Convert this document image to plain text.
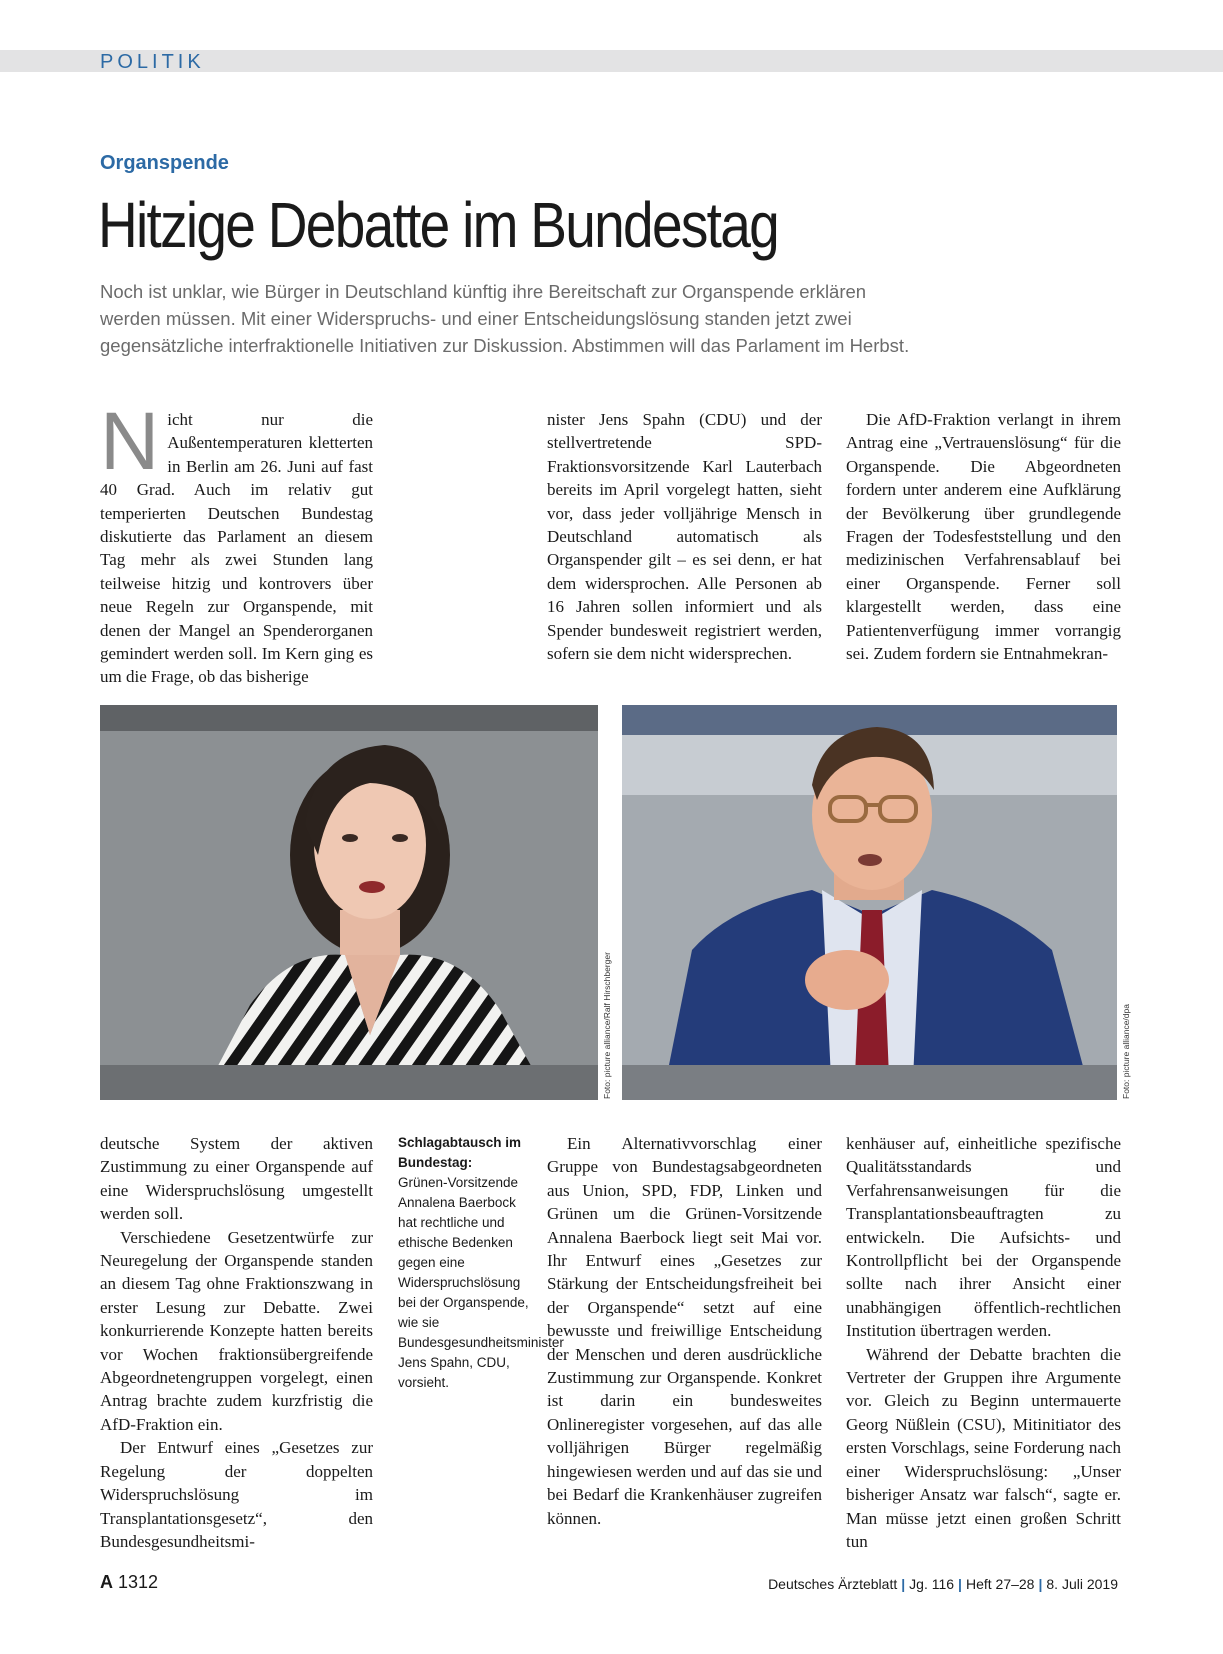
POLITIK
Organspende
Hitzige Debatte im Bundestag
Noch ist unklar, wie Bürger in Deutschland künftig ihre Bereitschaft zur Organspende erklären
werden müssen. Mit einer Widerspruchs- und einer Entscheidungslösung standen jetzt zwei
gegensätzliche interfraktionelle Initiativen zur Diskussion. Abstimmen will das Parlament im Herbst.

Nicht nur die Außentemperaturen kletterten in Berlin am 26. Juni auf fast 40 Grad. Auch im relativ gut temperierten Deutschen Bundestag diskutierte das Parlament an diesem Tag mehr als zwei Stunden lang teilweise hitzig und kontrovers über neue Regeln zur Organspende, mit denen der Mangel an Spenderorganen gemindert werden soll. Im Kern ging es um die Frage, ob das bisherige

nister Jens Spahn (CDU) und der stellvertretende SPD-Fraktionsvorsitzende Karl Lauterbach bereits im April vorgelegt hatten, sieht vor, dass jeder volljährige Mensch in Deutschland automatisch als Organspender gilt – es sei denn, er hat dem widersprochen. Alle Personen ab 16 Jahren sollen informiert und als Spender bundesweit registriert werden, sofern sie dem nicht widersprechen.

Die AfD-Fraktion verlangt in ihrem Antrag eine „Vertrauenslösung“ für die Organspende. Die Abgeordneten fordern unter anderem eine Aufklärung der Bevölkerung über grundlegende Fragen der Todesfeststellung und den medizinischen Verfahrensablauf bei einer Organspende. Ferner soll klargestellt werden, dass eine Patientenverfügung immer vorrangig sei. Zudem fordern sie Entnahmekran-

Foto: picture alliance/Ralf Hirschberger	Foto: picture alliance/dpa

deutsche System der aktiven Zustimmung zu einer Organspende auf eine Widerspruchslösung umgestellt werden soll.

Verschiedene Gesetzentwürfe zur Neuregelung der Organspende standen an diesem Tag ohne Fraktionszwang in erster Lesung zur Debatte. Zwei konkurrierende Konzepte hatten bereits vor Wochen fraktionsübergreifende Abgeordnetengruppen vorgelegt, einen Antrag brachte zudem kurzfristig die AfD-Fraktion ein.

Der Entwurf eines „Gesetzes zur Regelung der doppelten Widerspruchslösung im Transplantationsgesetz“, den Bundesgesundheitsmi-

Schlagabtausch im Bundestag:
Grünen-Vorsitzende Annalena Baerbock hat rechtliche und ethische Bedenken gegen eine Widerspruchslösung bei der Organspende, wie sie Bundesgesundheitsminister Jens Spahn, CDU, vorsieht.

Ein Alternativvorschlag einer Gruppe von Bundestagsabgeordneten aus Union, SPD, FDP, Linken und Grünen um die Grünen-Vorsitzende Annalena Baerbock liegt seit Mai vor. Ihr Entwurf eines „Gesetzes zur Stärkung der Entscheidungsfreiheit bei der Organspende“ setzt auf eine bewusste und freiwillige Entscheidung der Menschen und deren ausdrückliche Zustimmung zur Organspende. Konkret ist darin ein bundesweites Onlineregister vorgesehen, auf das alle volljährigen Bürger regelmäßig hingewiesen werden und auf das sie und bei Bedarf die Krankenhäuser zugreifen können.

kenhäuser auf, einheitliche spezifische Qualitätsstandards und Verfahrensanweisungen für die Transplantationsbeauftragten zu entwickeln. Die Aufsichts- und Kontrollpflicht bei der Organspende sollte nach ihrer Ansicht einer unabhängigen öffentlich-rechtlichen Institution übertragen werden.

Während der Debatte brachten die Vertreter der Gruppen ihre Argumente vor. Gleich zu Beginn untermauerte Georg Nüßlein (CSU), Mitinitiator des ersten Vorschlags, seine Forderung nach einer Widerspruchslösung: „Unser bisheriger Ansatz war falsch“, sagte er. Man müsse jetzt einen großen Schritt tun

A 1312	Deutsches Ärzteblatt | Jg. 116 | Heft 27–28 | 8. Juli 2019
